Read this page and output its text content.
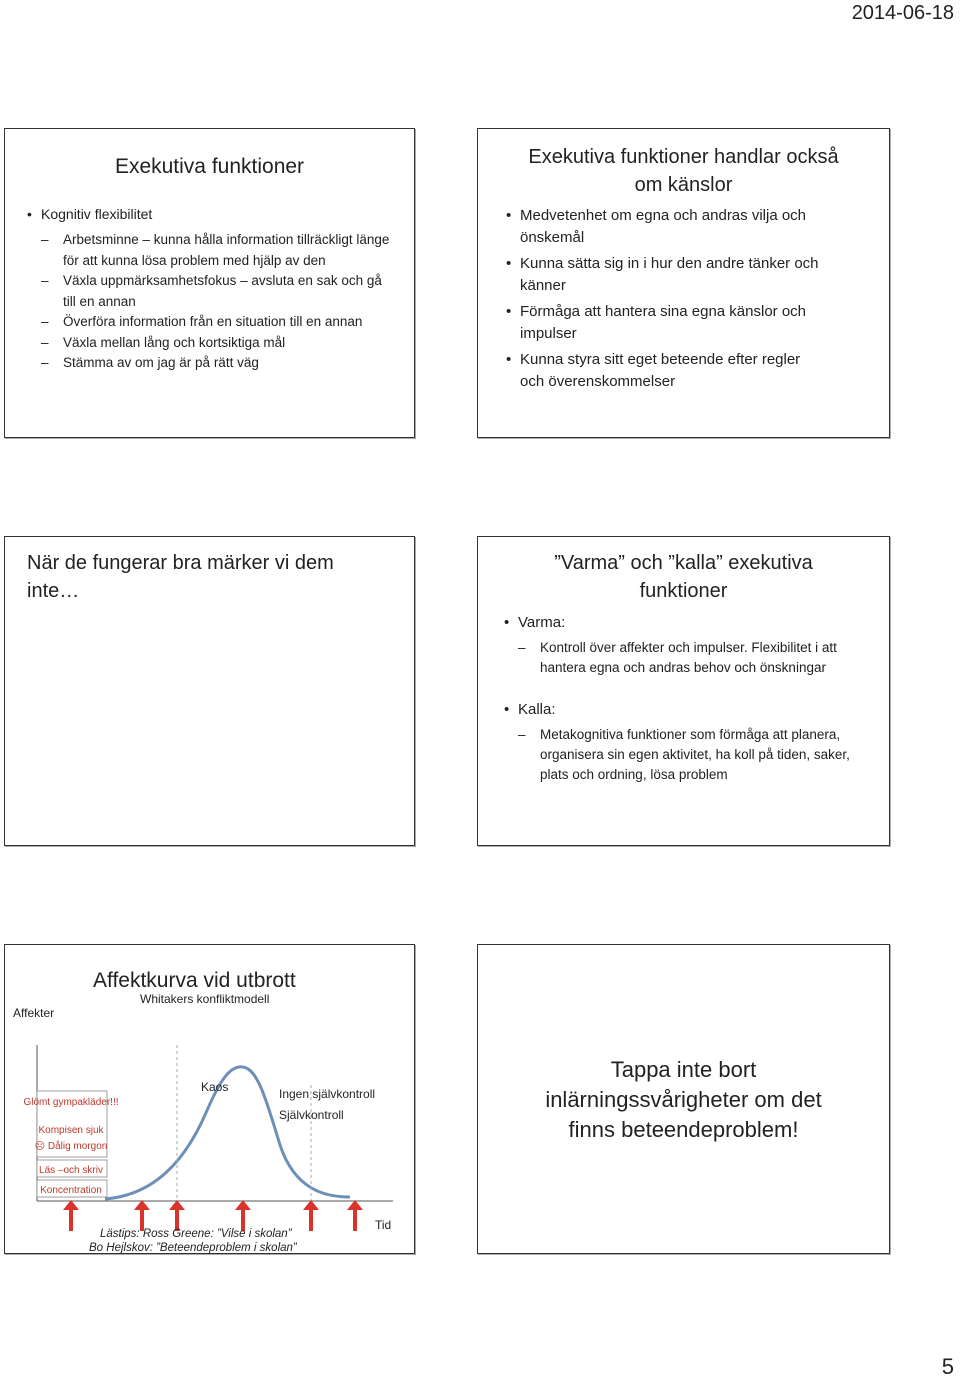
2014-06-18
Exekutiva funktioner
• Kognitiv flexibilitet
– Arbetsminne – kunna hålla information tillräckligt länge för att kunna lösa problem med hjälp av den
– Växla uppmärksamhetsfokus – avsluta en sak och gå till en annan
– Överföra information från en situation till en annan
– Växla mellan lång och kortsiktiga mål
– Stämma av om jag är på rätt väg
Exekutiva funktioner handlar också om känslor
• Medvetenhet om egna och andras vilja och önskemål
• Kunna sätta sig in i hur den andre tänker och känner
• Förmåga att hantera sina egna känslor och impulser
• Kunna styra sitt eget beteende efter regler och överenskommelser
När de fungerar bra märker vi dem inte…
”Varma” och ”kalla” exekutiva funktioner
• Varma:
– Kontroll över affekter och impulser. Flexibilitet i att hantera egna och andras behov och önskningar
• Kalla:
– Metakognitiva funktioner som förmåga att planera, organisera sin egen aktivitet, ha koll på tiden, saker, plats och ordning, lösa problem
Affektkurva vid utbrott
Whitakers konfliktmodell
Affekter
Tid
Glömt gympakläder!!!
Kompisen sjuk
☹ Dålig morgon
Läs –och skriv
Koncentration
Kaos	Ingen självkontroll
Självkontroll
Lästips: Ross Greene: ”Vilse i skolan”
Bo Hejlskov: ”Beteendeproblem i skolan”
Tappa inte bort
inlärningssvårigheter om det
finns beteendeproblem!
5
